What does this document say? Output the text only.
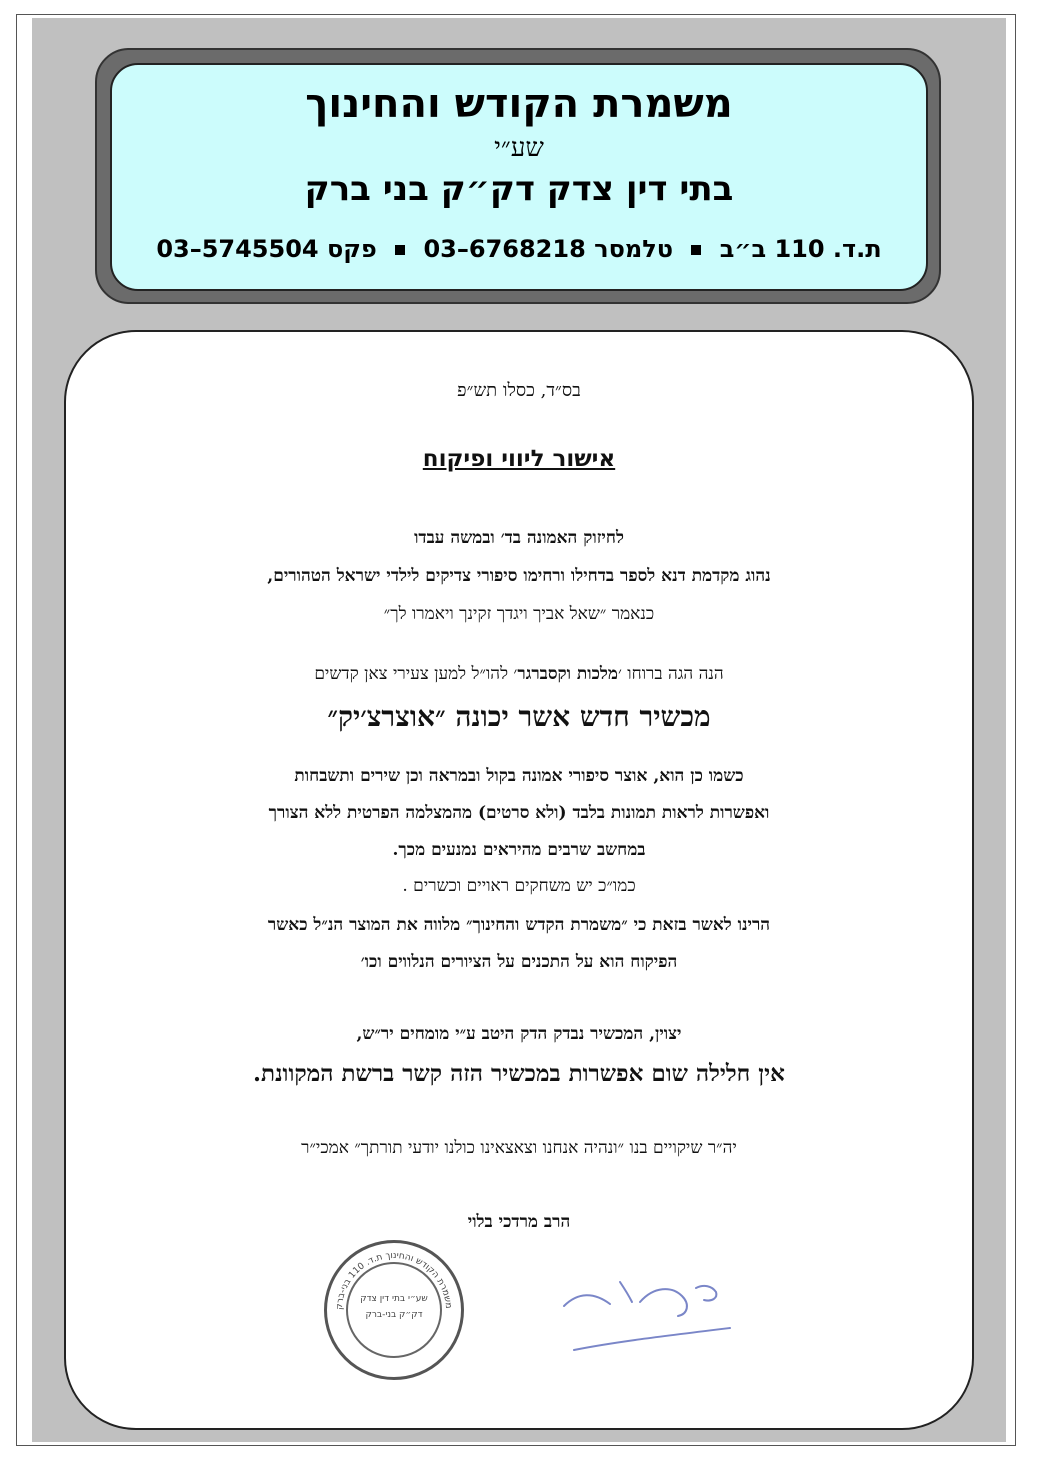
משמרת הקודש והחינוך
שע״י
בתי דין צדק דק״ק בני ברק
ת.ד. 110 ב״ב  טלמסר 03–6768218  פקס 03–5745504
בס״ד, כסלו תש״פ
אישור ליווי ופיקוח
לחיזוק האמונה בד׳ ובמשה עבדו
נהוג מקדמת דנא לספר בדחילו ורחימו סיפורי צדיקים לילדי ישראל הטהורים,
כנאמר ״שאל אביך ויגדך זקינך ויאמרו לך״
הנה הגה ברוחו ׳מלכות וקסברגר׳ להו״ל למען צעירי צאן קדשים
מכשיר חדש אשר יכונה ״אוצרצ׳יק״
כשמו כן הוא, אוצר סיפורי אמונה בקול ובמראה וכן שירים ותשבחות
ואפשרות לראות תמונות בלבד (ולא סרטים) מהמצלמה הפרטית ללא הצורך
במחשב שרבים מהיראים נמנעים מכך.
כמו״כ יש משחקים ראויים וכשרים .
הרינו לאשר בזאת כי ״משמרת הקדש והחינוך״ מלווה את המוצר הנ״ל כאשר
הפיקוח הוא על התכנים על הציורים הנלווים וכו׳
יצוין, המכשיר נבדק הדק היטב ע״י מומחים יר״ש,
אין חלילה שום אפשרות במכשיר הזה קשר ברשת המקוונת.
יה״ר שיקויים בנו ״ונהיה אנחנו וצאצאינו כולנו יודעי תורתך״ אמכי״ר
הרב מרדכי בלוי
משמרת הקודש והחינוך ת.ד. 110 בני-ברק
שע״י בתי דין צדק
דק״ק בני-ברק
